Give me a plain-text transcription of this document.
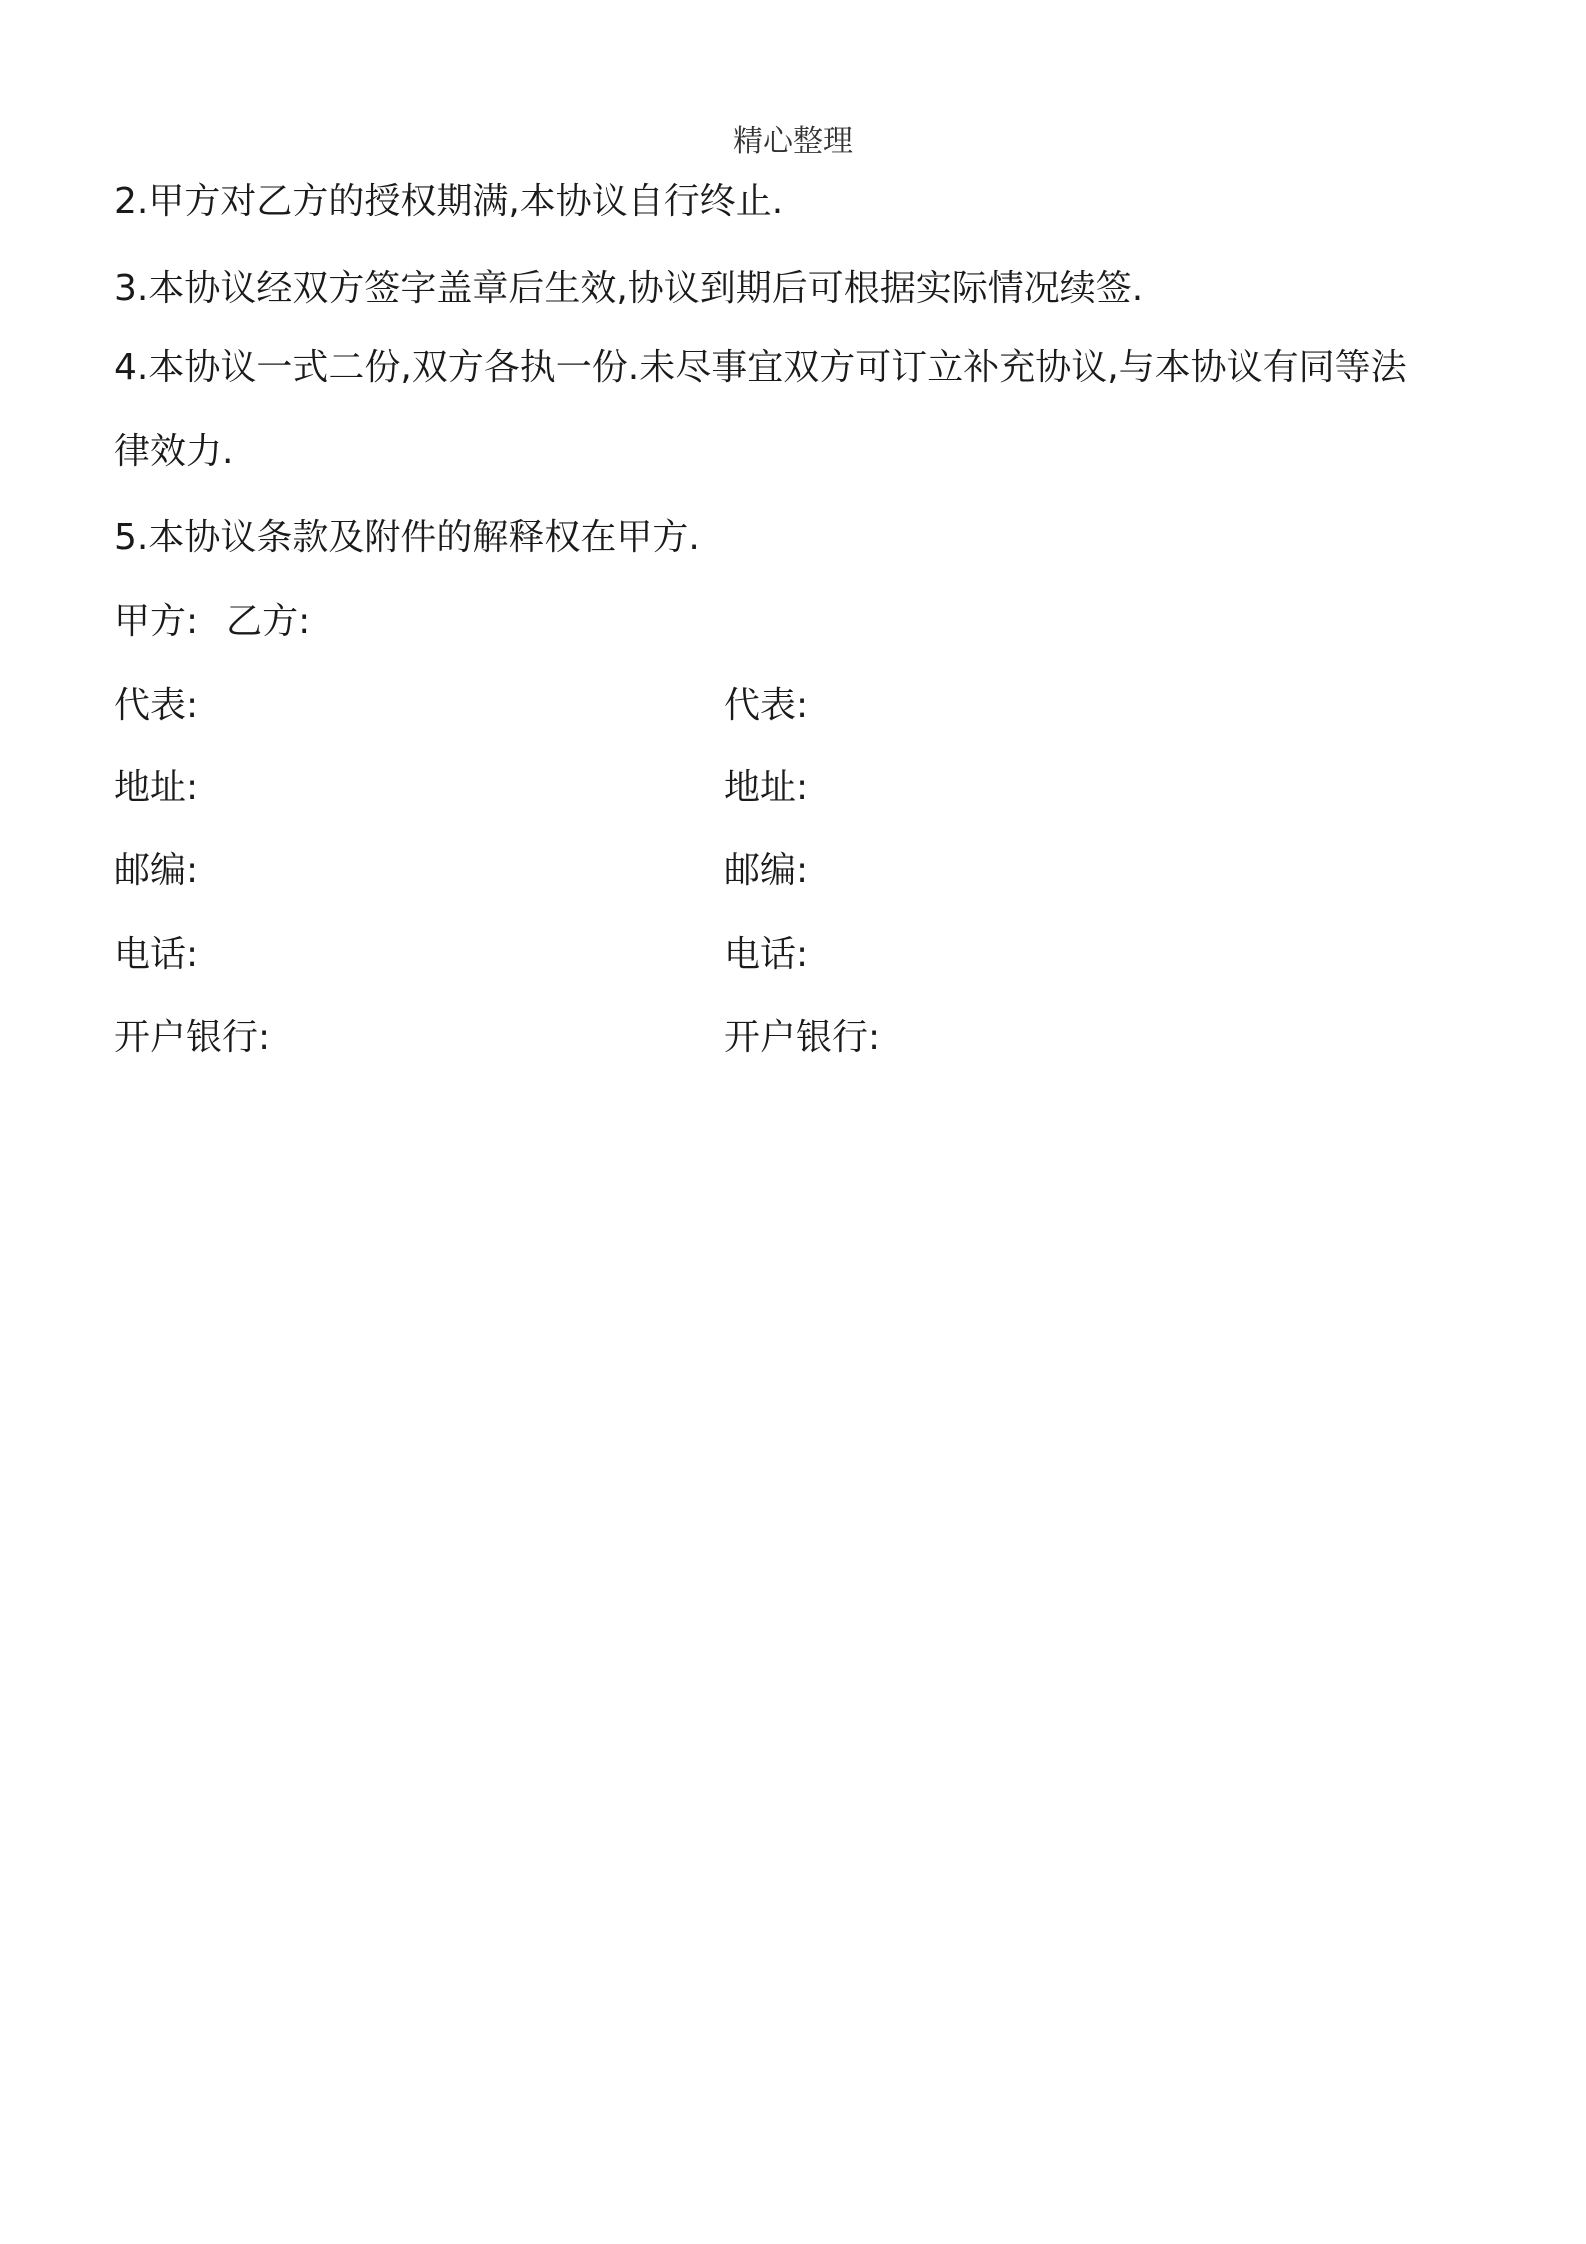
精心整理
2.甲方对乙方的授权期满,本协议自行终止.
3.本协议经双方签字盖章后生效,协议到期后可根据实际情况续签.
4.本协议一式二份,双方各执一份.未尽事宜双方可订立补充协议,与本协议有同等法
律效力.
5.本协议条款及附件的解释权在甲方.
甲方: 乙方:
代表:	代表:
地址:	地址:
邮编:	邮编:
电话:	电话:
开户银行:	开户银行:
